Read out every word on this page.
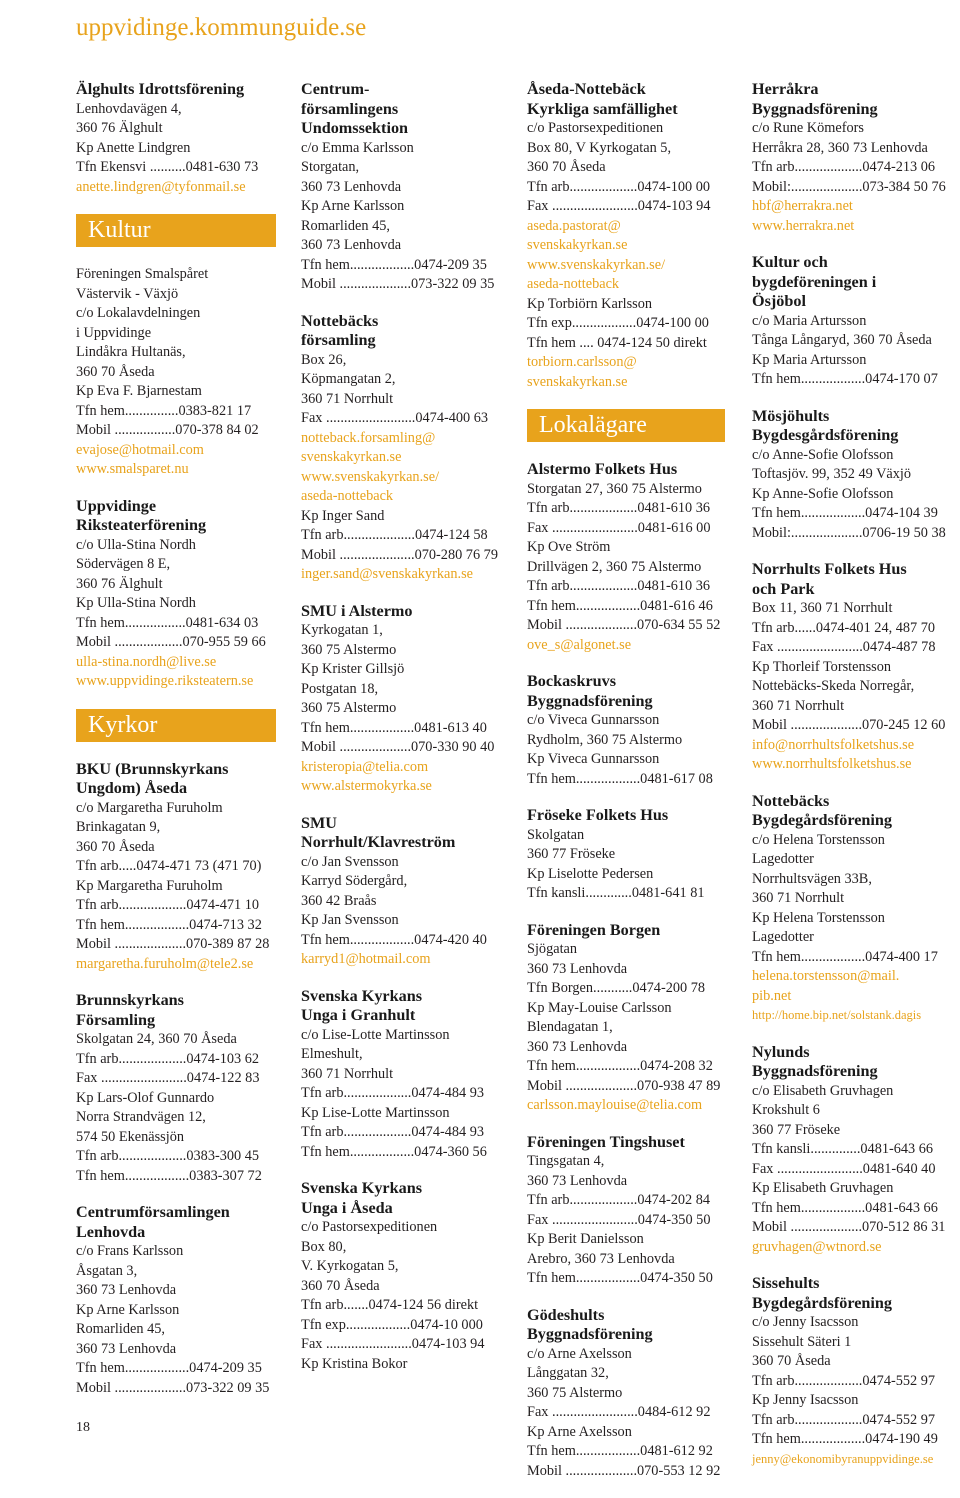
uppvidinge.kommunguide.se
Älghults Idrottsförening
Lenhovdavägen 4,
360 76 Älghult
Kp Anette Lindgren
Tfn Ekensvi ..........0481-630 73
anette.lindgren@tyfonmail.se
Kultur
Föreningen Smalspåret
Västervik - Växjö
c/o Lokalavdelningen
i Uppvidinge
Lindåkra Hultanäs,
360 70 Åseda
Kp Eva F. Bjarnestam
Tfn hem...............0383-821 17
Mobil .................070-378 84 02
evajose@hotmail.com
www.smalsparet.nu
Uppvidinge
Riksteaterförening
c/o Ulla-Stina Nordh
Södervägen 8 E,
360 76 Älghult
Kp Ulla-Stina Nordh
Tfn hem.................0481-634 03
Mobil ...................070-955 59 66
ulla-stina.nordh@live.se
www.uppvidinge.riksteatern.se
Kyrkor
BKU (Brunnskyrkans
Ungdom) Åseda
c/o Margaretha Furuholm
Brinkagatan 9,
360 70 Åseda
Tfn arb.....0474-471 73 (471 70)
Kp Margaretha Furuholm
Tfn arb...................0474-471 10
Tfn hem..................0474-713 32
Mobil ....................070-389 87 28
margaretha.furuholm@tele2.se
Brunnskyrkans
Församling
Skolgatan 24, 360 70 Åseda
Tfn arb...................0474-103 62
Fax ........................0474-122 83
Kp Lars-Olof Gunnardo
Norra Strandvägen 12,
574 50 Ekenässjön
Tfn arb...................0383-300 45
Tfn hem..................0383-307 72
Centrumförsamlingen
Lenhovda
c/o Frans Karlsson
Åsgatan 3,
360 73 Lenhovda
Kp Arne Karlsson
Romarliden 45,
360 73 Lenhovda
Tfn hem..................0474-209 35
Mobil ....................073-322 09 35
Centrum-
församlingens
Undomssektion
c/o Emma Karlsson
Storgatan,
360 73 Lenhovda
Kp Arne Karlsson
Romarliden 45,
360 73 Lenhovda
Tfn hem..................0474-209 35
Mobil ....................073-322 09 35
Nottebäcks
församling
Box 26,
Köpmangatan 2,
360 71 Norrhult
Fax .........................0474-400 63
notteback.forsamling@
svenskakyrkan.se
www.svenskakyrkan.se/
aseda-notteback
Kp Inger Sand
Tfn arb....................0474-124 58
Mobil .....................070-280 76 79
inger.sand@svenskakyrkan.se
SMU i Alstermo
Kyrkogatan 1,
360 75 Alstermo
Kp Krister Gillsjö
Postgatan 18,
360 75 Alstermo
Tfn hem..................0481-613 40
Mobil ....................070-330 90 40
kristeropia@telia.com
www.alstermokyrka.se
SMU
Norrhult/Klavreström
c/o Jan Svensson
Karryd Södergård,
360 42 Braås
Kp Jan Svensson
Tfn hem..................0474-420 40
karryd1@hotmail.com
Svenska Kyrkans
Unga i Granhult
c/o Lise-Lotte Martinsson
Elmeshult,
360 71 Norrhult
Tfn arb...................0474-484 93
Kp Lise-Lotte Martinsson
Tfn arb...................0474-484 93
Tfn hem..................0474-360 56
Svenska Kyrkans
Unga i Åseda
c/o Pastorsexpeditionen
Box 80,
V. Kyrkogatan 5,
360 70 Åseda
Tfn arb.......0474-124 56 direkt
Tfn exp..................0474-10 000
Fax ........................0474-103 94
Kp Kristina Bokor
Åseda-Nottebäck
Kyrkliga samfällighet
c/o Pastorsexpeditionen
Box 80, V Kyrkogatan 5,
360 70 Åseda
Tfn arb...................0474-100 00
Fax ........................0474-103 94
aseda.pastorat@
svenskakyrkan.se
www.svenskakyrkan.se/
aseda-notteback
Kp Torbiörn Karlsson
Tfn exp..................0474-100 00
Tfn hem .... 0474-124 50 direkt
torbiorn.carlsson@
svenskakyrkan.se
Lokalägare
Alstermo Folkets Hus
Storgatan 27, 360 75 Alstermo
Tfn arb...................0481-610 36
Fax ........................0481-616 00
Kp Ove Ström
Drillvägen 2, 360 75 Alstermo
Tfn arb...................0481-610 36
Tfn hem..................0481-616 46
Mobil ....................070-634 55 52
ove_s@algonet.se
Bockaskruvs
Byggnadsförening
c/o Viveca Gunnarsson
Rydholm, 360 75 Alstermo
Kp Viveca Gunnarsson
Tfn hem..................0481-617 08
Fröseke Folkets Hus
Skolgatan
360 77 Fröseke
Kp Liselotte Pedersen
Tfn kansli.............0481-641 81
Föreningen Borgen
Sjögatan
360 73 Lenhovda
Tfn Borgen...........0474-200 78
Kp May-Louise Carlsson
Blendagatan 1,
360 73 Lenhovda
Tfn hem..................0474-208 32
Mobil ....................070-938 47 89
carlsson.maylouise@telia.com
Föreningen Tingshuset
Tingsgatan 4,
360 73 Lenhovda
Tfn arb...................0474-202 84
Fax ........................0474-350 50
Kp Berit Danielsson
Arebro, 360 73 Lenhovda
Tfn hem..................0474-350 50
Gödeshults
Byggnadsförening
c/o Arne Axelsson
Långgatan 32,
360 75 Alstermo
Fax ........................0484-612 92
Kp Arne Axelsson
Tfn hem..................0481-612 92
Mobil ....................070-553 12 92
Herråkra
Byggnadsförening
c/o Rune Kömefors
Herråkra 28, 360 73 Lenhovda
Tfn arb...................0474-213 06
Mobil:....................073-384 50 76
hbf@herrakra.net
www.herrakra.net
Kultur och
bygdeföreningen i
Ösjöbol
c/o Maria Artursson
Tånga Långaryd, 360 70 Åseda
Kp Maria Artursson
Tfn hem..................0474-170 07
Mösjöhults
Bygdesgårdsförening
c/o Anne-Sofie Olofsson
Toftasjöv. 99, 352 49 Växjö
Kp Anne-Sofie Olofsson
Tfn hem..................0474-104 39
Mobil:....................0706-19 50 38
Norrhults Folkets Hus
och Park
Box 11, 360 71 Norrhult
Tfn arb......0474-401 24, 487 70
Fax ........................0474-487 78
Kp Thorleif Torstensson
Nottebäcks-Skeda Norregår,
360 71 Norrhult
Mobil ....................070-245 12 60
info@norrhultsfolketshus.se
www.norrhultsfolketshus.se
Nottebäcks
Bygdegårdsförening
c/o Helena Torstensson
Lagedotter
Norrhultsvägen 33B,
360 71 Norrhult
Kp Helena Torstensson
Lagedotter
Tfn hem..................0474-400 17
helena.torstensson@mail.
pib.net
http://home.bip.net/solstank.dagis
Nylunds
Byggnadsförening
c/o Elisabeth Gruvhagen
Krokshult 6
360 77 Fröseke
Tfn kansli..............0481-643 66
Fax ........................0481-640 40
Kp Elisabeth Gruvhagen
Tfn hem..................0481-643 66
Mobil ....................070-512 86 31
gruvhagen@wtnord.se
Sissehults
Bygdegårdsförening
c/o Jenny Isacsson
Sissehult Säteri 1
360 70 Åseda
Tfn arb...................0474-552 97
Kp Jenny Isacsson
Tfn arb...................0474-552 97
Tfn hem..................0474-190 49
jenny@ekonomibyranuppvidinge.se
18
